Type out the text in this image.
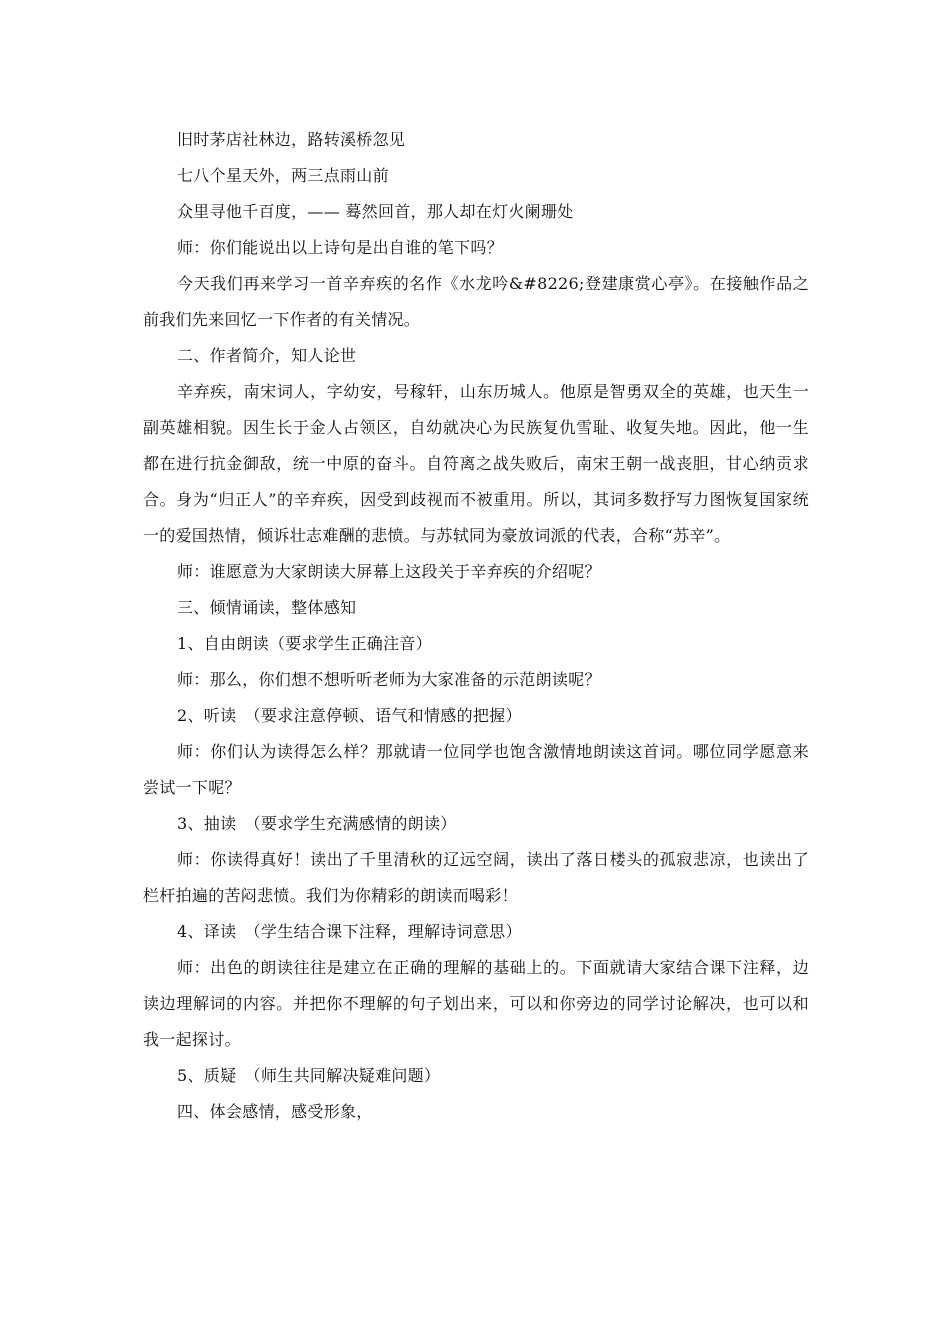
旧时茅店社林边，路转溪桥忽见

七八个星天外，两三点雨山前

众里寻他千百度，—— 蓦然回首，那人却在灯火阑珊处

师：你们能说出以上诗句是出自谁的笔下吗？

今天我们再来学习一首辛弃疾的名作《水龙吟&#8226;登建康赏心亭》。在接触作品之前我们先来回忆一下作者的有关情况。

二、作者简介，知人论世

辛弃疾，南宋词人，字幼安，号稼轩，山东历城人。他原是智勇双全的英雄，也天生一副英雄相貌。因生长于金人占领区，自幼就决心为民族复仇雪耻、收复失地。因此，他一生都在进行抗金御敌，统一中原的奋斗。自符离之战失败后，南宋王朝一战丧胆，甘心纳贡求合。身为“归正人”的辛弃疾，因受到歧视而不被重用。所以，其词多数抒写力图恢复国家统一的爱国热情，倾诉壮志难酬的悲愤。与苏轼同为豪放词派的代表，合称“苏辛”。

师：谁愿意为大家朗读大屏幕上这段关于辛弃疾的介绍呢？

三、倾情诵读，整体感知

1、自由朗读（要求学生正确注音）

师：那么，你们想不想听听老师为大家准备的示范朗读呢？

2、听读　（要求注意停顿、语气和情感的把握）

师：你们认为读得怎么样？那就请一位同学也饱含激情地朗读这首词。哪位同学愿意来尝试一下呢？

3、抽读　（要求学生充满感情的朗读）

师：你读得真好！读出了千里清秋的辽远空阔，读出了落日楼头的孤寂悲凉，也读出了栏杆拍遍的苦闷悲愤。我们为你精彩的朗读而喝彩！

4、译读　（学生结合课下注释，理解诗词意思）

师：出色的朗读往往是建立在正确的理解的基础上的。下面就请大家结合课下注释，边读边理解词的内容。并把你不理解的句子划出来，可以和你旁边的同学讨论解决，也可以和我一起探讨。

5、质疑　（师生共同解决疑难问题）

四、体会感情，感受形象，
